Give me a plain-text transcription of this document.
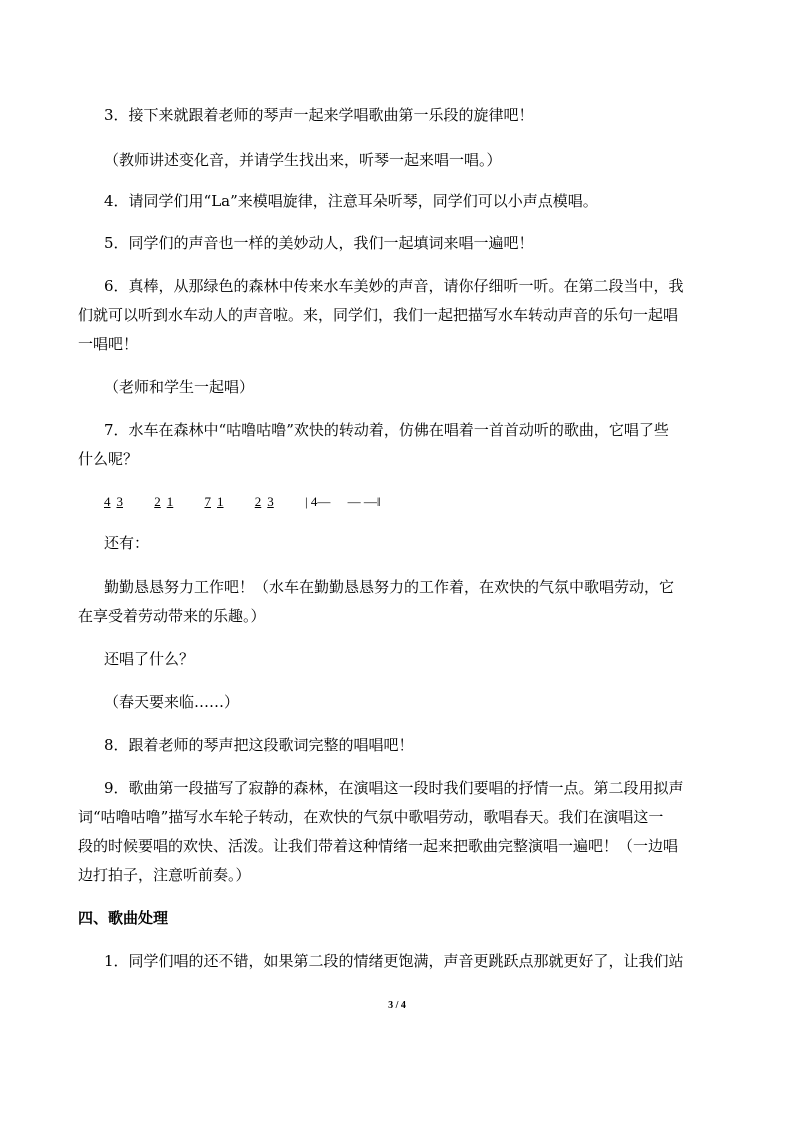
3．接下来就跟着老师的琴声一起来学唱歌曲第一乐段的旋律吧！
（教师讲述变化音，并请学生找出来，听琴一起来唱一唱。）
4．请同学们用“La”来模唱旋律，注意耳朵听琴，同学们可以小声点模唱。
5．同学们的声音也一样的美妙动人，我们一起填词来唱一遍吧！
6．真棒，从那绿色的森林中传来水车美妙的声音，请你仔细听一听。在第二段当中，我
们就可以听到水车动人的声音啦。来，同学们，我们一起把描写水车转动声音的乐句一起唱
一唱吧！
（老师和学生一起唱）
7．水车在森林中“咕噜咕噜”欢快的转动着，仿佛在唱着一首首动听的歌曲，它唱了些
什么呢？
4 3 2 1 7 1 2 3 | 4— — —‖
还有：
勤勤恳恳努力工作吧！（水车在勤勤恳恳努力的工作着，在欢快的气氛中歌唱劳动，它
在享受着劳动带来的乐趣。）
还唱了什么？
（春天要来临……）
8．跟着老师的琴声把这段歌词完整的唱唱吧！
9．歌曲第一段描写了寂静的森林，在演唱这一段时我们要唱的抒情一点。第二段用拟声
词“咕噜咕噜”描写水车轮子转动，在欢快的气氛中歌唱劳动，歌唱春天。我们在演唱这一
段的时候要唱的欢快、活泼。让我们带着这种情绪一起来把歌曲完整演唱一遍吧！（一边唱
边打拍子，注意听前奏。）
四、歌曲处理
1．同学们唱的还不错，如果第二段的情绪更饱满，声音更跳跃点那就更好了，让我们站
3 / 4
